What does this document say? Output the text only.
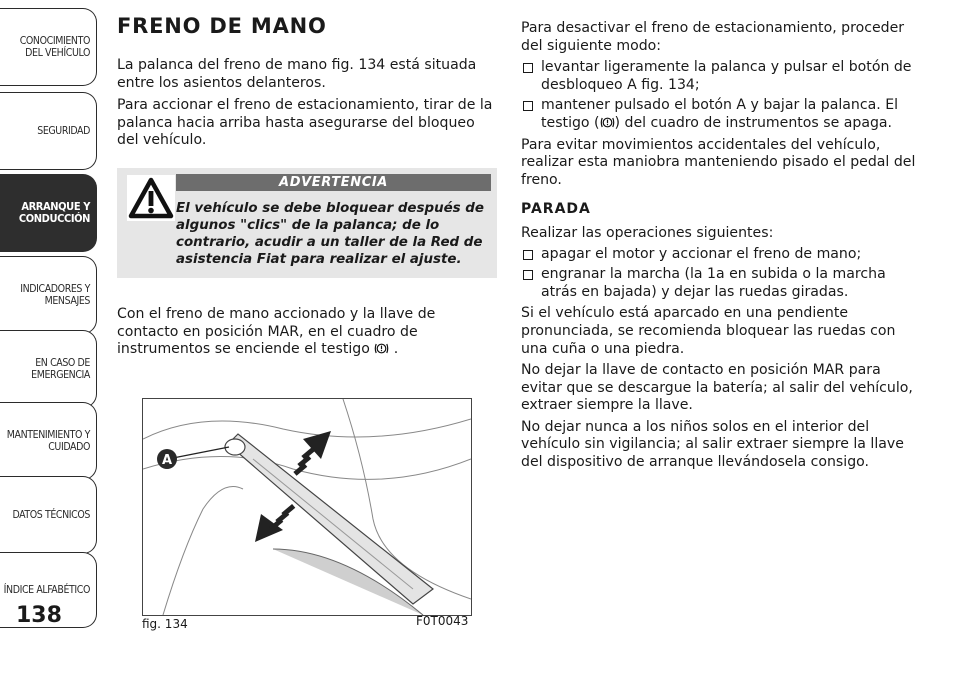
CONOCIMIENTO
DEL VEHÍCULO
SEGURIDAD
ARRANQUE Y
CONDUCCIÓN
INDICADORES Y
MENSAJES
EN CASO DE
EMERGENCIA
MANTENIMIENTO Y
CUIDADO
DATOS TÉCNICOS
ÍNDICE ALFABÉTICO
138
FRENO DE MANO

La palanca del freno de mano fig. 134 está situada entre los asientos delanteros.

Para accionar el freno de estacionamiento, tirar de la palanca hacia arriba hasta asegurarse del bloqueo del vehículo.

ADVERTENCIA
El vehículo se debe bloquear después de algunos "clics" de la palanca; de lo contrario, acudir a un taller de la Red de asistencia Fiat para realizar el ajuste.

Con el freno de mano accionado y la llave de contacto en posición MAR, en el cuadro de instrumentos se enciende el testigo .

A
fig. 134	F0T0043

Para desactivar el freno de estacionamiento, proceder del siguiente modo:

levantar ligeramente la palanca y pulsar el botón de desbloqueo A fig. 134;
mantener pulsado el botón A y bajar la palanca. El testigo ( ) del cuadro de instrumentos se apaga.

Para evitar movimientos accidentales del vehículo, realizar esta maniobra manteniendo pisado el pedal del freno.

PARADA

Realizar las operaciones siguientes:

apagar el motor y accionar el freno de mano;
engranar la marcha (la 1a en subida o la marcha atrás en bajada) y dejar las ruedas giradas.

Si el vehículo está aparcado en una pendiente pronunciada, se recomienda bloquear las ruedas con una cuña o una piedra.

No dejar la llave de contacto en posición MAR para evitar que se descargue la batería; al salir del vehículo, extraer siempre la llave.

No dejar nunca a los niños solos en el interior del vehículo sin vigilancia; al salir extraer siempre la llave del dispositivo de arranque llevándosela consigo.
